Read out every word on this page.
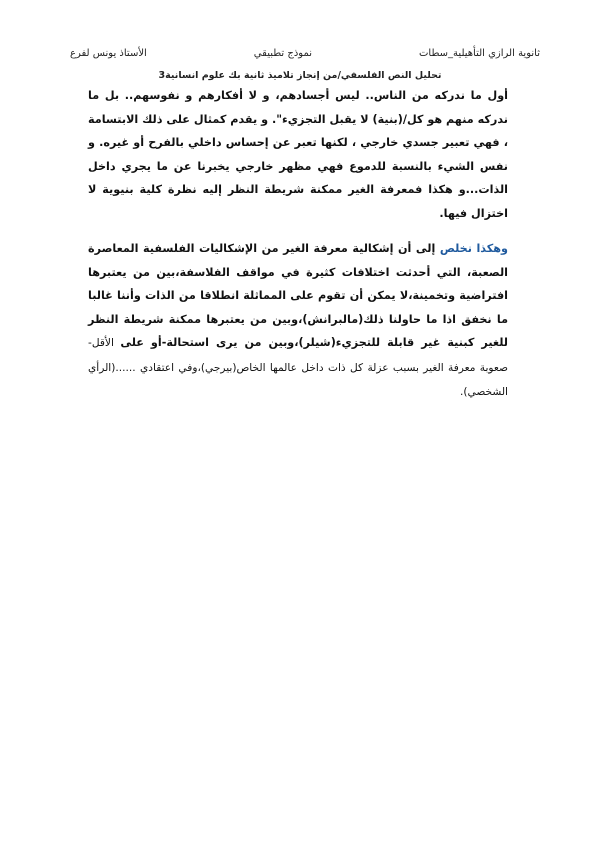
ثانوية الرازي التأهيلية_سطات
نموذج تطبيقي
الأستاذ يونس لفرع
تحليل النص الفلسفي/من إنجاز تلاميذ ثانية بك علوم انسانية3

أول ما ندركه من الناس.. ليس أجسادهم، و لا أفكارهم و نفوسهم.. بل ما ندركه منهم هو كل/(بنية) لا يقبل التجزيء". و يقدم كمثال على ذلك الابتسامة ، فهي تعبير جسدي خارجي ، لكنها تعبر عن إحساس داخلي بالفرح أو غيره. و نفس الشيء بالنسبة للدموع فهي مظهر خارجي يخبرنا عن ما يجري داخل الذات...و هكذا فمعرفة الغير ممكنة شريطة النظر إليه نظرة كلية بنيوية لا اختزال فيها.

وهكذا نخلص إلى أن إشكالية معرفة الغير من الإشكاليات الفلسفية المعاصرة الصعبة، التي أحدثت اختلافات كثيرة في مواقف الفلاسفة،بين من يعتبرها افتراضية وتخمينة،لا يمكن أن تقوم على المماثلة انطلاقا من الذات وأننا غالبا ما نخفق اذا ما حاولنا ذلك(مالبرانش)،وبين من يعتبرها ممكنة شريطة النظر للغير كبنية غير قابلة للتجزيء(شيلر)،وبين من يرى استحالة-أو على الأقل-صعوبة معرفة الغير بسبب عزلة كل ذات داخل عالمها الخاص(بيرجي)،وفي اعتقادي ......(الرأي الشخصي).
